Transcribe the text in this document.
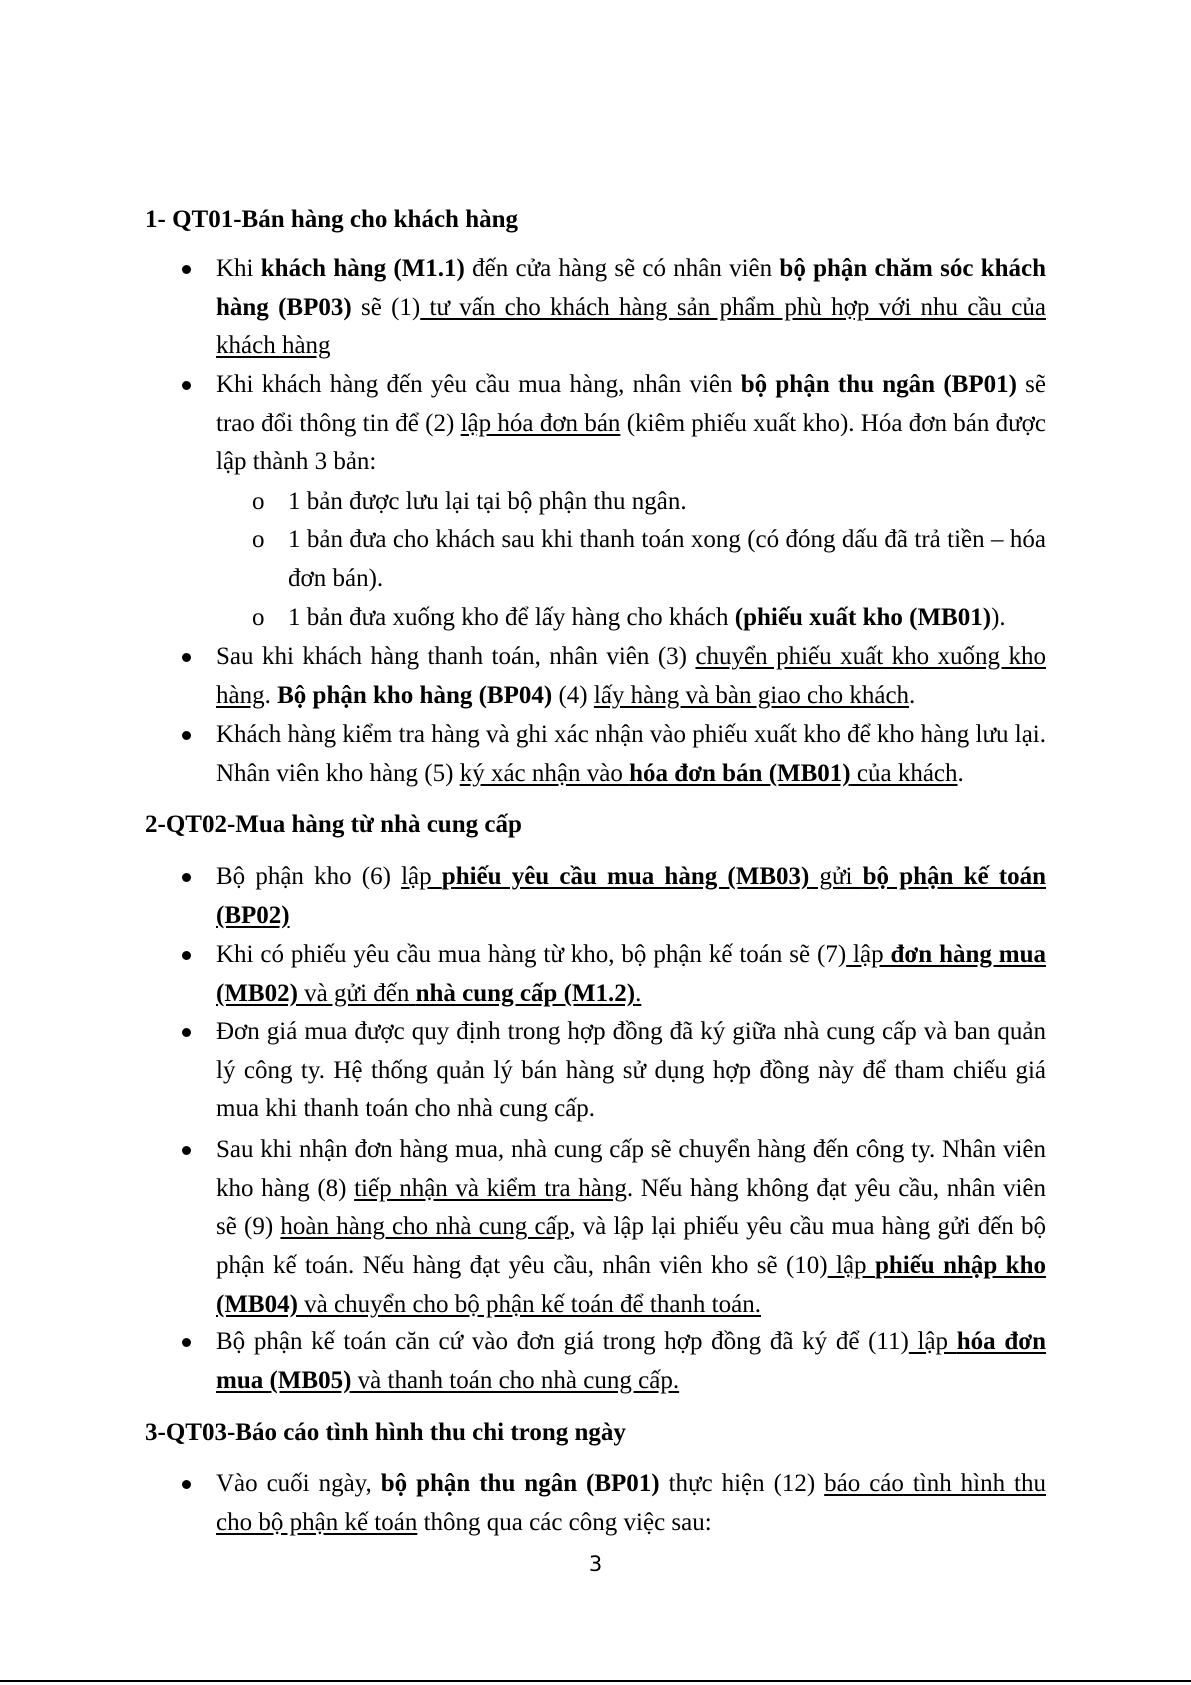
1- QT01-Bán hàng cho khách hàng

Khi khách hàng (M1.1) đến cửa hàng sẽ có nhân viên bộ phận chăm sóc khách hàng (BP03) sẽ (1) tư vấn cho khách hàng sản phẩm phù hợp với nhu cầu của khách hàng

Khi khách hàng đến yêu cầu mua hàng, nhân viên bộ phận thu ngân (BP01) sẽ trao đổi thông tin để (2) lập hóa đơn bán (kiêm phiếu xuất kho). Hóa đơn bán được lập thành 3 bản:

o 1 bản được lưu lại tại bộ phận thu ngân.

o 1 bản đưa cho khách sau khi thanh toán xong (có đóng dấu đã trả tiền – hóa đơn bán).

o 1 bản đưa xuống kho để lấy hàng cho khách (phiếu xuất kho (MB01)).

Sau khi khách hàng thanh toán, nhân viên (3) chuyển phiếu xuất kho xuống kho hàng. Bộ phận kho hàng (BP04) (4) lấy hàng và bàn giao cho khách.

Khách hàng kiểm tra hàng và ghi xác nhận vào phiếu xuất kho để kho hàng lưu lại. Nhân viên kho hàng (5) ký xác nhận vào hóa đơn bán (MB01) của khách.

2-QT02-Mua hàng từ nhà cung cấp

Bộ phận kho (6) lập phiếu yêu cầu mua hàng (MB03) gửi bộ phận kế toán (BP02)

Khi có phiếu yêu cầu mua hàng từ kho, bộ phận kế toán sẽ (7) lập đơn hàng mua (MB02) và gửi đến nhà cung cấp (M1.2).

Đơn giá mua được quy định trong hợp đồng đã ký giữa nhà cung cấp và ban quản lý công ty. Hệ thống quản lý bán hàng sử dụng hợp đồng này để tham chiếu giá mua khi thanh toán cho nhà cung cấp.

Sau khi nhận đơn hàng mua, nhà cung cấp sẽ chuyển hàng đến công ty. Nhân viên kho hàng (8) tiếp nhận và kiểm tra hàng. Nếu hàng không đạt yêu cầu, nhân viên sẽ (9) hoàn hàng cho nhà cung cấp, và lập lại phiếu yêu cầu mua hàng gửi đến bộ phận kế toán. Nếu hàng đạt yêu cầu, nhân viên kho sẽ (10) lập phiếu nhập kho (MB04) và chuyển cho bộ phận kế toán để thanh toán.

Bộ phận kế toán căn cứ vào đơn giá trong hợp đồng đã ký để (11) lập hóa đơn mua (MB05) và thanh toán cho nhà cung cấp.

3-QT03-Báo cáo tình hình thu chi trong ngày

Vào cuối ngày, bộ phận thu ngân (BP01) thực hiện (12) báo cáo tình hình thu cho bộ phận kế toán thông qua các công việc sau:

3
